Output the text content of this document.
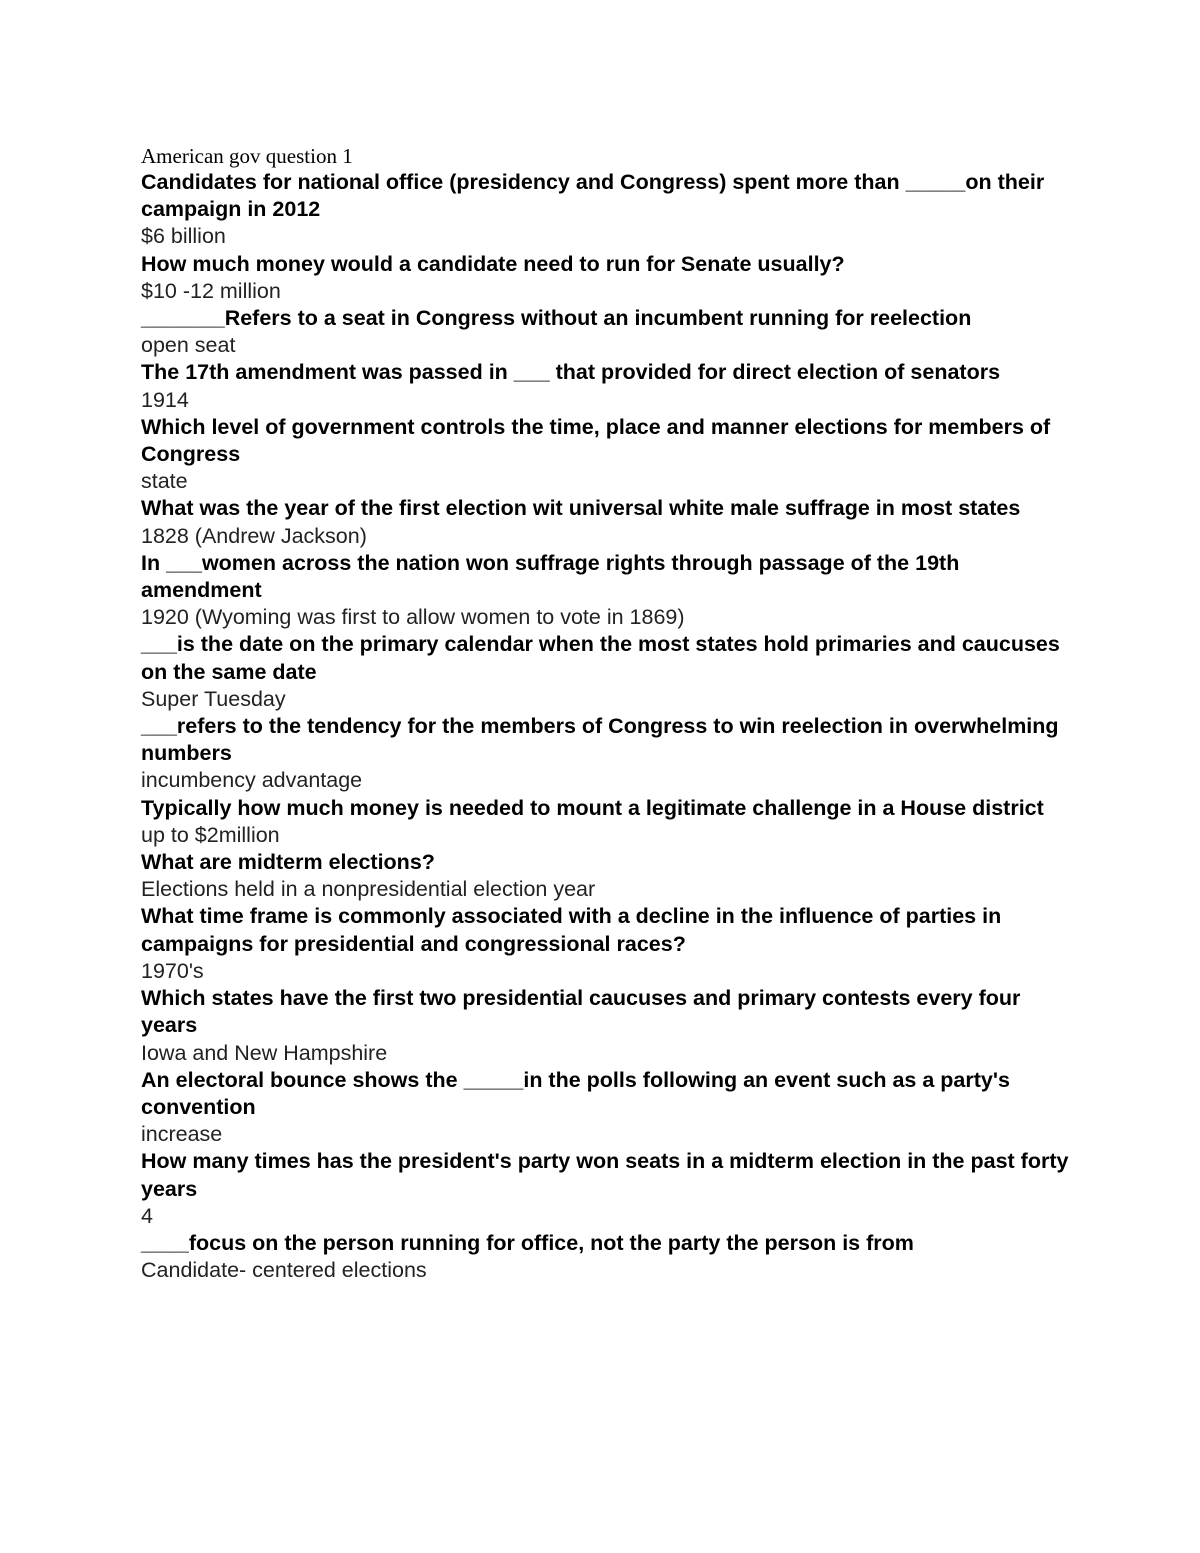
American gov question 1
Candidates for national office (presidency and Congress) spent more than _____on their campaign in 2012
$6 billion
How much money would a candidate need to run for Senate usually?
$10 -12 million
_______Refers to a seat in Congress without an incumbent running for reelection
open seat
The 17th amendment was passed in ___ that provided for direct election of senators
1914
Which level of government controls the time, place and manner elections for members of Congress
state
What was the year of the first election wit universal white male suffrage in most states
1828 (Andrew Jackson)
In ___women across the nation won suffrage rights through passage of the 19th amendment
1920 (Wyoming was first to allow women to vote in 1869)
___is the date on the primary calendar when the most states hold primaries and caucuses on the same date
Super Tuesday
___refers to the tendency for the members of Congress to win reelection in overwhelming numbers
incumbency advantage
Typically how much money is needed to mount a legitimate challenge in a House district
up to $2million
What are midterm elections?
Elections held in a nonpresidential election year
What time frame is commonly associated with a decline in the influence of parties in campaigns for presidential and congressional races?
1970's
Which states have the first two presidential caucuses and primary contests every four years
Iowa and New Hampshire
An electoral bounce shows the _____in the polls following an event such as a party's convention
increase
How many times has the president's party won seats in a midterm election in the past forty years
4
____focus on the person running for office, not the party the person is from
Candidate- centered elections
